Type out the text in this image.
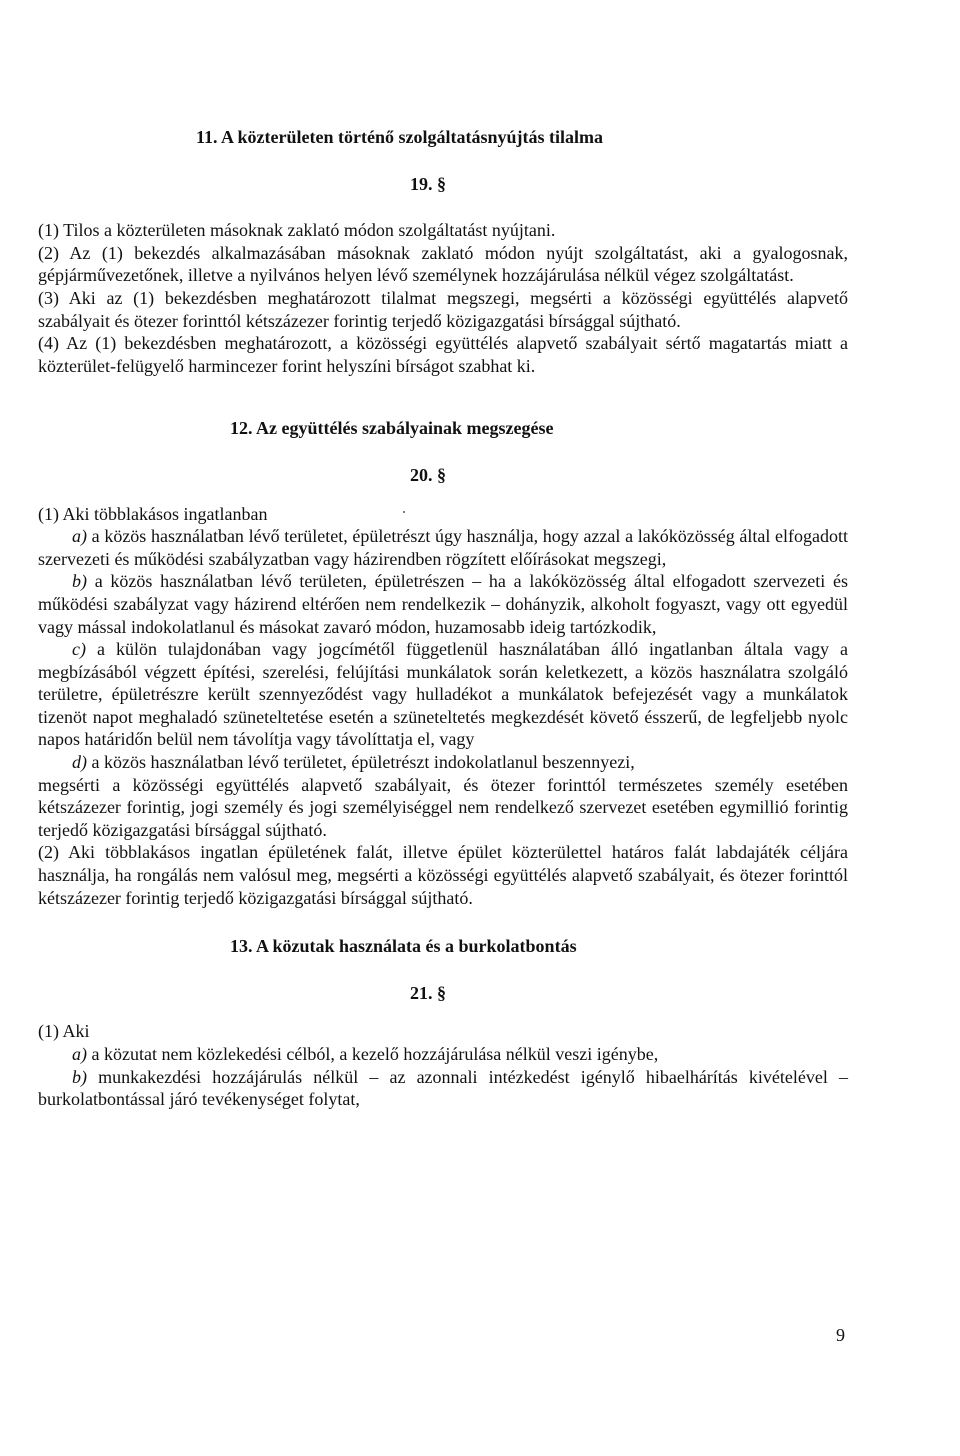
11. A közterületen történő szolgáltatásnyújtás tilalma

19. §

(1) Tilos a közterületen másoknak zaklató módon szolgáltatást nyújtani.

(2) Az (1) bekezdés alkalmazásában másoknak zaklató módon nyújt szolgáltatást, aki a gyalogosnak, gépjárművezetőnek, illetve a nyilvános helyen lévő személynek hozzájárulása nélkül végez szolgáltatást.

(3) Aki az (1) bekezdésben meghatározott tilalmat megszegi, megsérti a közösségi együttélés alapvető szabályait és ötezer forinttól kétszázezer forintig terjedő közigazgatási bírsággal sújtható.

(4) Az (1) bekezdésben meghatározott, a közösségi együttélés alapvető szabályait sértő magatartás miatt a közterület-felügyelő harmincezer forint helyszíni bírságot szabhat ki.

12. Az együttélés szabályainak megszegése

20. §

(1) Aki többlakásos ingatlanban

a) a közös használatban lévő területet, épületrészt úgy használja, hogy azzal a lakóközösség által elfogadott szervezeti és működési szabályzatban vagy házirendben rögzített előírásokat megszegi,

b) a közös használatban lévő területen, épületrészen – ha a lakóközösség által elfogadott szervezeti és működési szabályzat vagy házirend eltérően nem rendelkezik – dohányzik, alkoholt fogyaszt, vagy ott egyedül vagy mással indokolatlanul és másokat zavaró módon, huzamosabb ideig tartózkodik,

c) a külön tulajdonában vagy jogcímétől függetlenül használatában álló ingatlanban általa vagy a megbízásából végzett építési, szerelési, felújítási munkálatok során keletkezett, a közös használatra szolgáló területre, épületrészre került szennyeződést vagy hulladékot a munkálatok befejezését vagy a munkálatok tizenöt napot meghaladó szüneteltetése esetén a szüneteltetés megkezdését követő ésszerű, de legfeljebb nyolc napos határidőn belül nem távolítja vagy távolíttatja el, vagy

d) a közös használatban lévő területet, épületrészt indokolatlanul beszennyezi,

megsérti a közösségi együttélés alapvető szabályait, és ötezer forinttól természetes személy esetében kétszázezer forintig, jogi személy és jogi személyiséggel nem rendelkező szervezet esetében egymillió forintig terjedő közigazgatási bírsággal sújtható.

(2) Aki többlakásos ingatlan épületének falát, illetve épület közterülettel határos falát labdajáték céljára használja, ha rongálás nem valósul meg, megsérti a közösségi együttélés alapvető szabályait, és ötezer forinttól kétszázezer forintig terjedő közigazgatási bírsággal sújtható.

13. A közutak használata és a burkolatbontás

21. §

(1) Aki

a) a közutat nem közlekedési célból, a kezelő hozzájárulása nélkül veszi igénybe,

b) munkakezdési hozzájárulás nélkül – az azonnali intézkedést igénylő hibaelhárítás kivételével – burkolatbontással járó tevékenységet folytat,

9
